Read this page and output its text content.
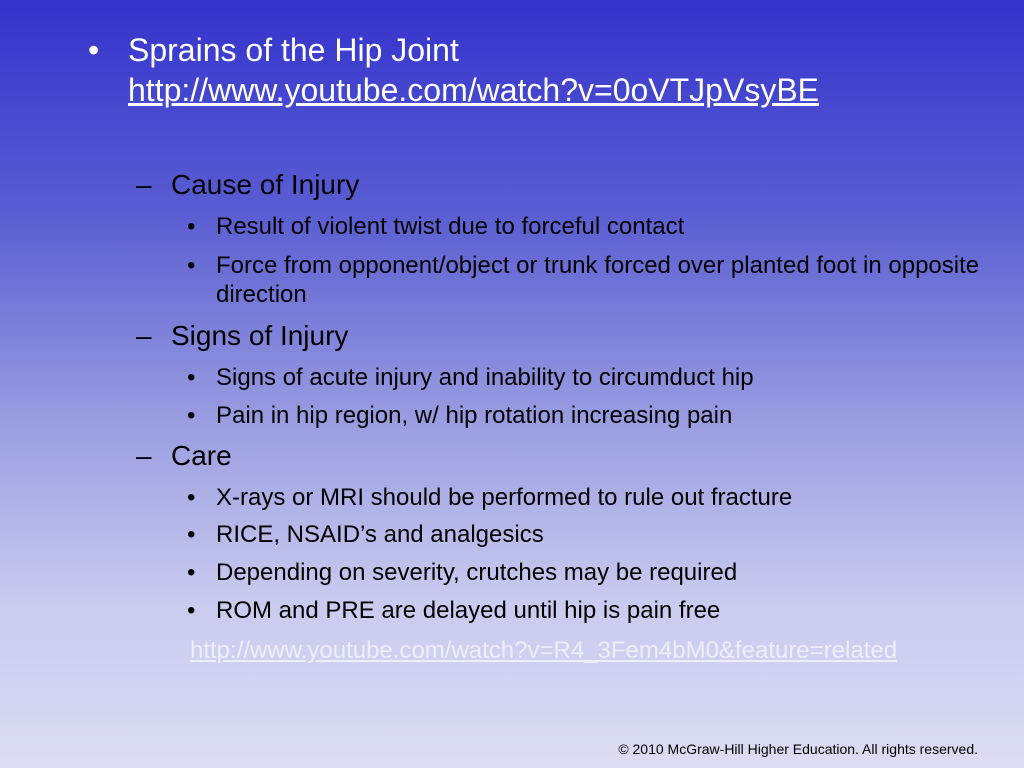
• Sprains of the Hip Joint
http://www.youtube.com/watch?v=0oVTJpVsyBE
– Cause of Injury
• Result of violent twist due to forceful contact
• Force from opponent/object or trunk forced over planted foot in opposite direction
– Signs of Injury
• Signs of acute injury and inability to circumduct hip
• Pain in hip region, w/ hip rotation increasing pain
– Care
• X-rays or MRI should be performed to rule out fracture
• RICE, NSAID’s and analgesics
• Depending on severity, crutches may be required
• ROM and PRE are delayed until hip is pain free
http://www.youtube.com/watch?v=R4_3Fem4bM0&feature=related
© 2010 McGraw-Hill Higher Education. All rights reserved.
